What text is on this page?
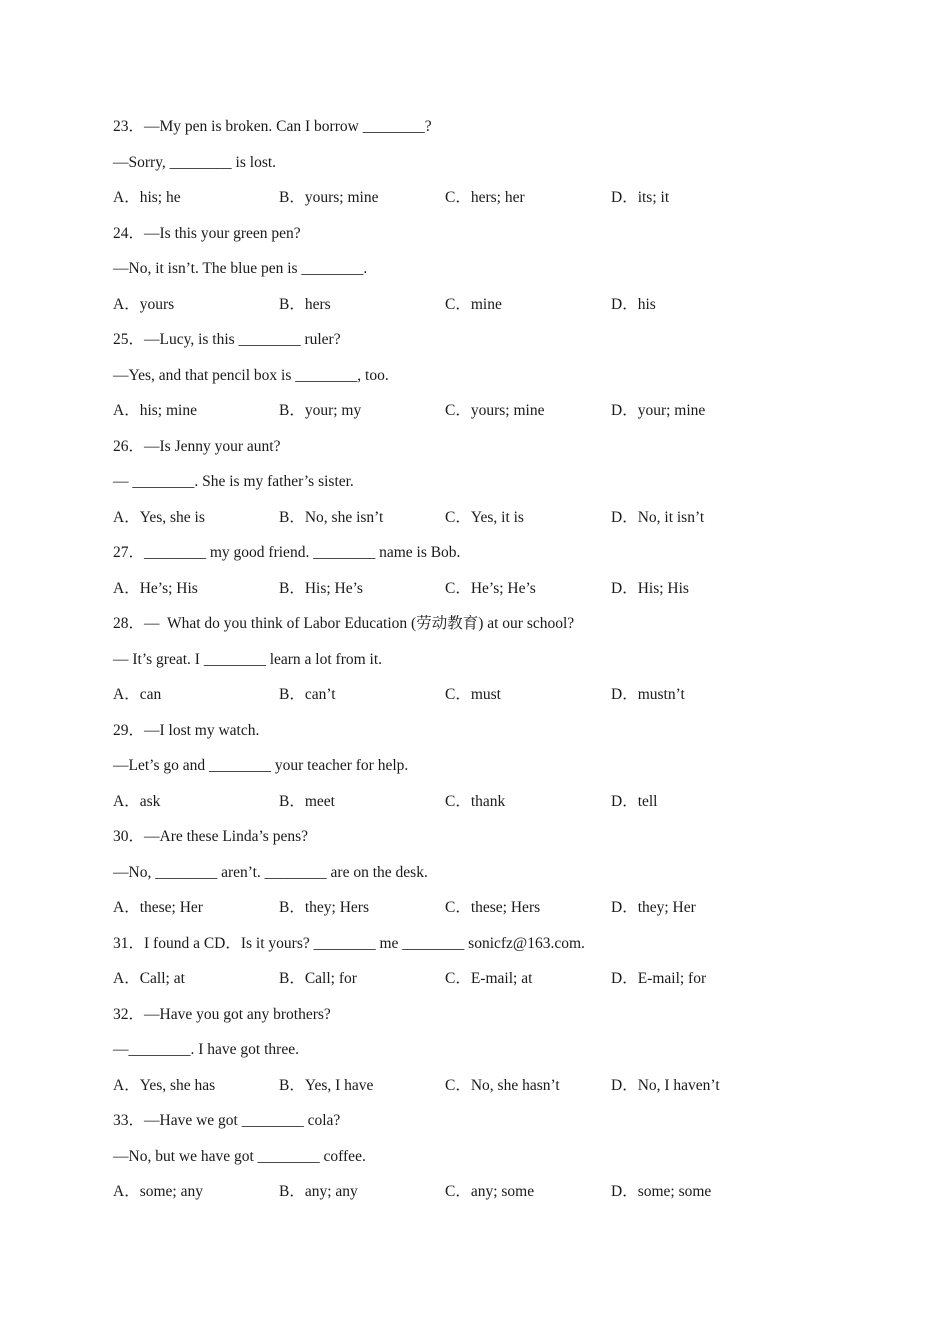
23．—My pen is broken. Can I borrow ________?
—Sorry, ________ is lost.
A．his; he	B．yours; mine	C．hers; her	D．its; it
24．—Is this your green pen?
—No, it isn’t. The blue pen is ________.
A．yours	B．hers	C．mine	D．his
25．—Lucy, is this ________ ruler?
—Yes, and that pencil box is ________, too.
A．his; mine	B．your; my	C．yours; mine	D．your; mine
26．—Is Jenny your aunt?
— ________. She is my father’s sister.
A．Yes, she is	B．No, she isn’t	C．Yes, it is	D．No, it isn’t
27．________ my good friend. ________ name is Bob.
A．He’s; His	B．His; He’s	C．He’s; He’s	D．His; His
28．—  What do you think of Labor Education (劳动教育) at our school?
— It’s great. I ________ learn a lot from it.
A．can	B．can’t	C．must	D．mustn’t
29．—I lost my watch.
—Let’s go and ________ your teacher for help.
A．ask	B．meet	C．thank	D．tell
30．—Are these Linda’s pens?
—No, ________ aren’t. ________ are on the desk.
A．these; Her	B．they; Hers	C．these; Hers	D．they; Her
31．I found a CD．Is it yours? ________ me ________ sonicfz@163.com.
A．Call; at	B．Call; for	C．E-mail; at	D．E-mail; for
32．—Have you got any brothers?
—________. I have got three.
A．Yes, she has	B．Yes, I have	C．No, she hasn’t	D．No, I haven’t
33．—Have we got ________ cola?
—No, but we have got ________ coffee.
A．some; any	B．any; any	C．any; some	D．some; some
